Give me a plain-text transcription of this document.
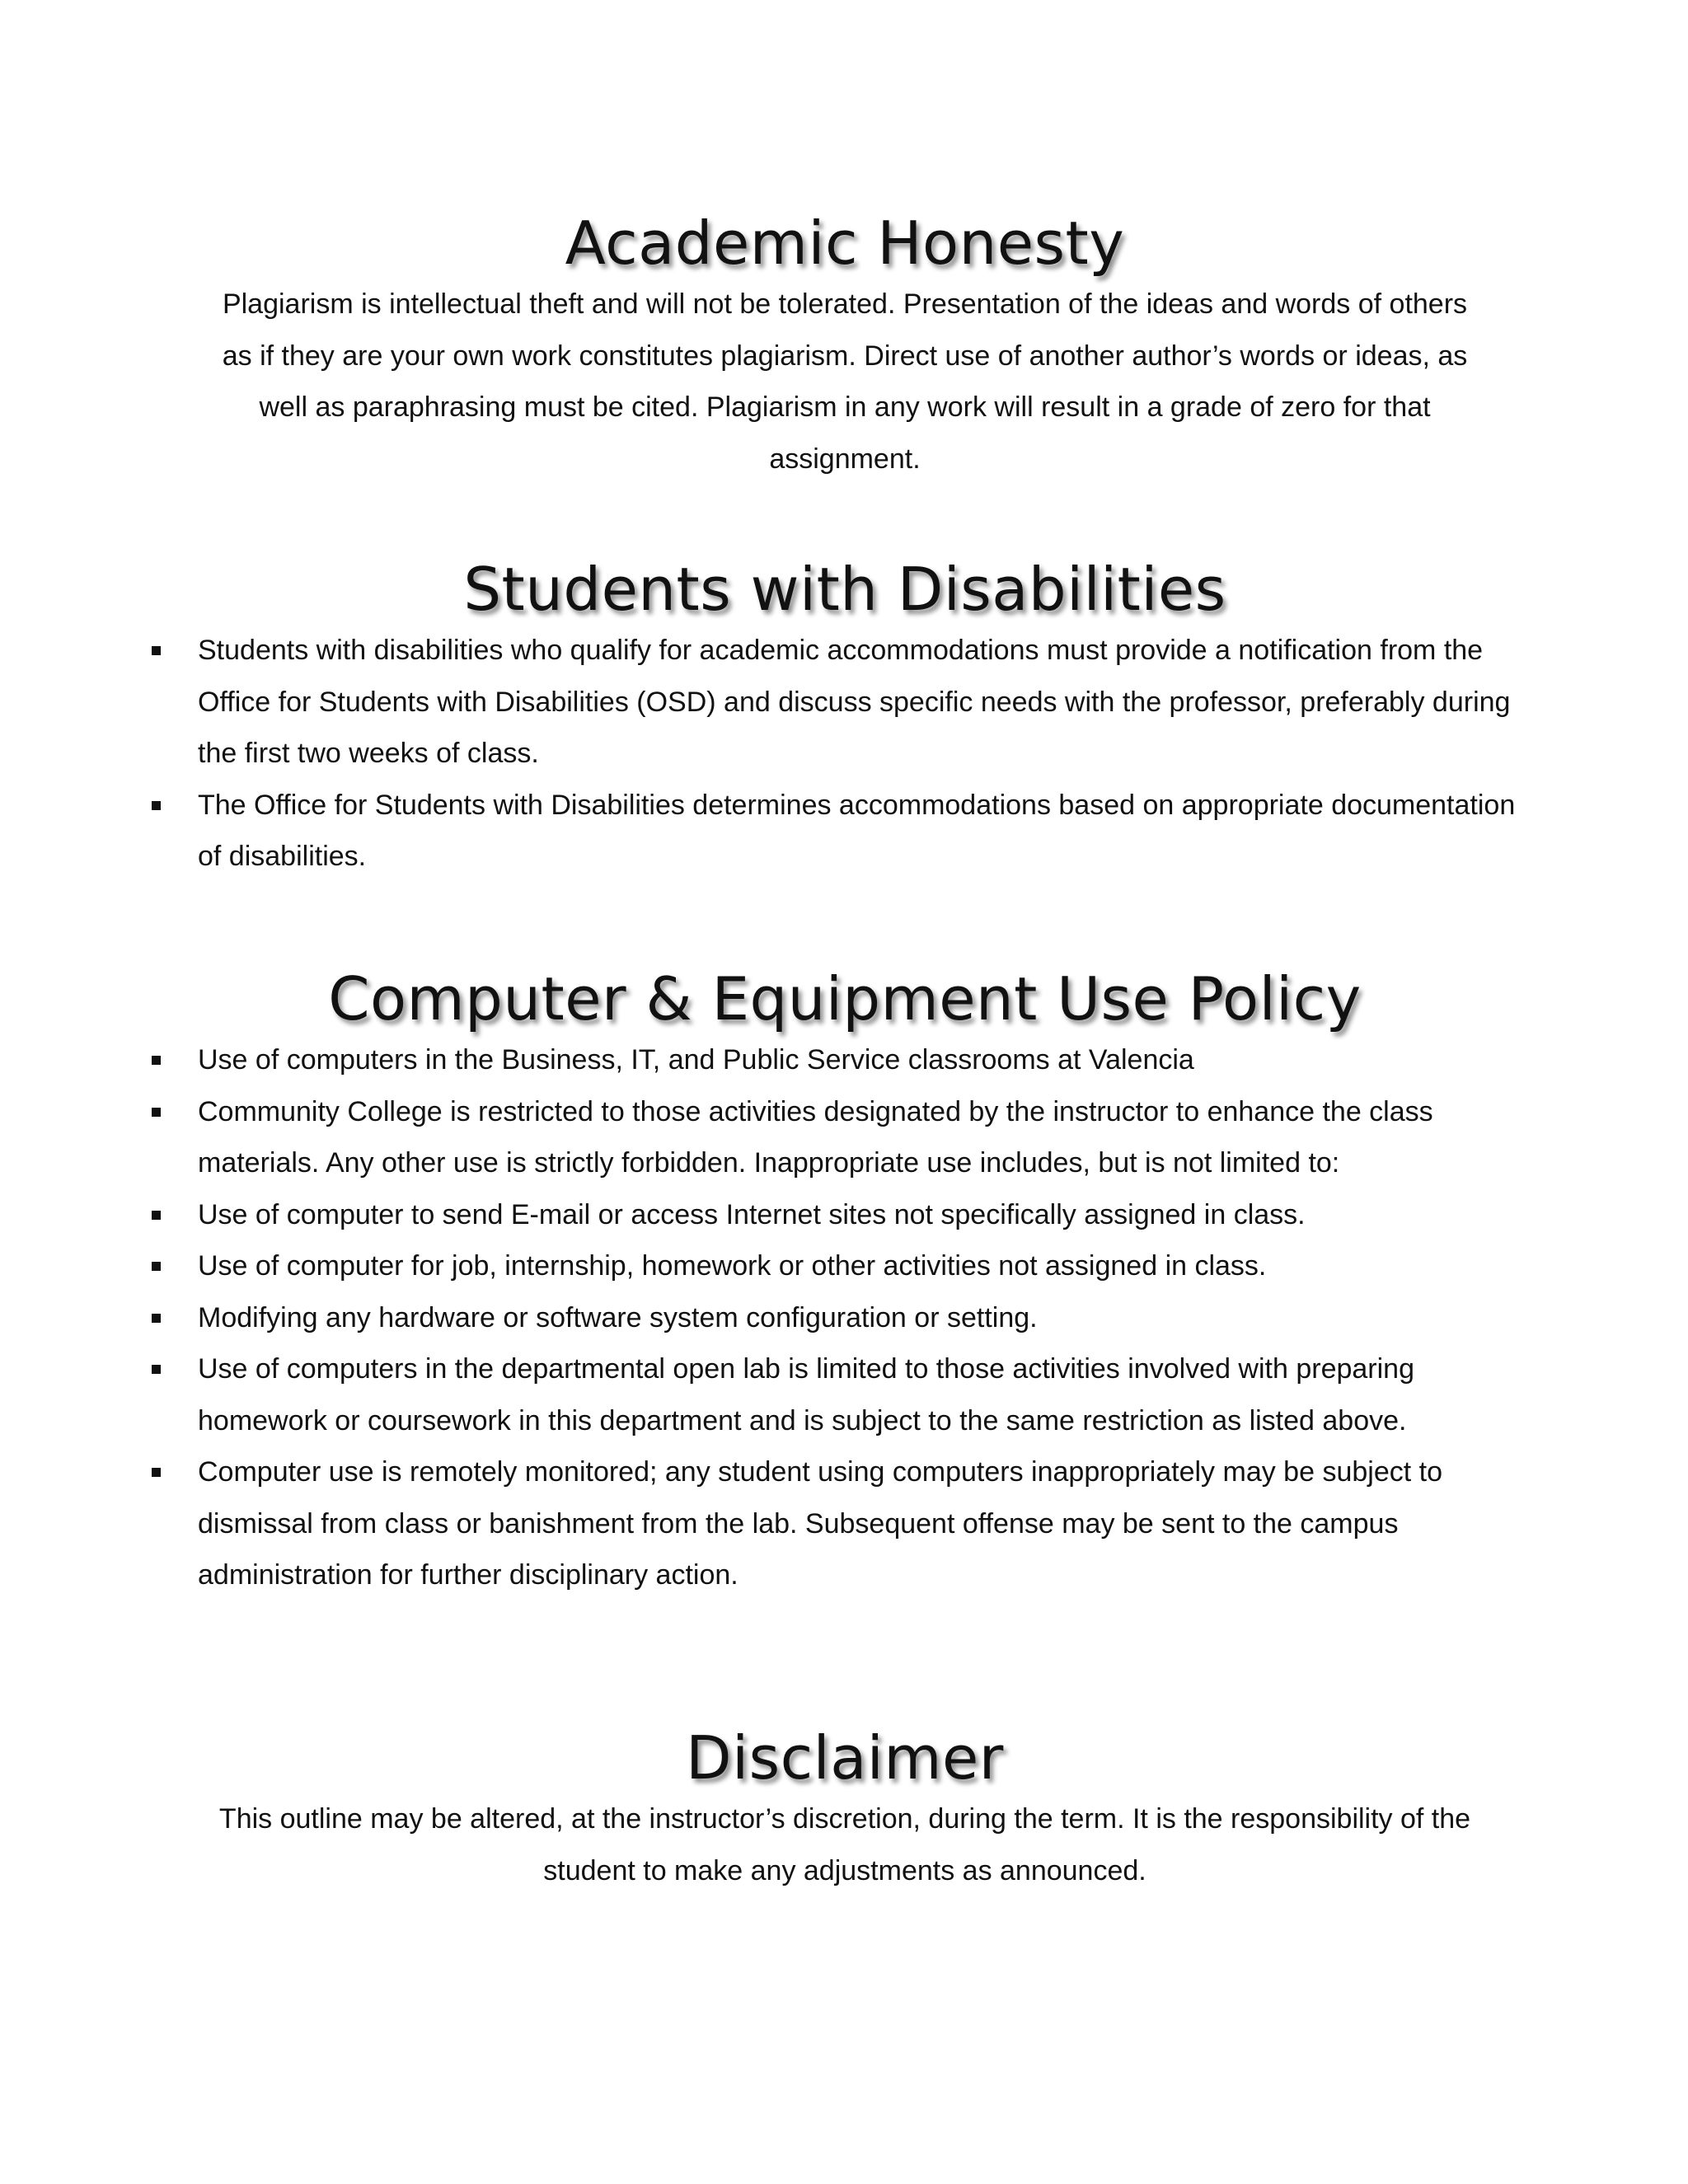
Academic Honesty

Plagiarism is intellectual theft and will not be tolerated. Presentation of the ideas and words of others
as if they are your own work constitutes plagiarism. Direct use of another author’s words or ideas, as
well as paraphrasing must be cited. Plagiarism in any work will result in a grade of zero for that
assignment.

Students with Disabilities
Students with disabilities who qualify for academic accommodations must provide a notification from the Office for Students with Disabilities (OSD) and discuss specific needs with the professor, preferably during the first two weeks of class.
The Office for Students with Disabilities determines accommodations based on appropriate documentation of disabilities.
Computer & Equipment Use Policy
Use of computers in the Business, IT, and Public Service classrooms at Valencia
Community College is restricted to those activities designated by the instructor to enhance the class materials. Any other use is strictly forbidden. Inappropriate use includes, but is not limited to:
Use of computer to send E-mail or access Internet sites not specifically assigned in class.
Use of computer for job, internship, homework or other activities not assigned in class.
Modifying any hardware or software system configuration or setting.
Use of computers in the departmental open lab is limited to those activities involved with preparing homework or coursework in this department and is subject to the same restriction as listed above.
Computer use is remotely monitored; any student using computers inappropriately may be subject to dismissal from class or banishment from the lab. Subsequent offense may be sent to the campus administration for further disciplinary action.
Disclaimer

This outline may be altered, at the instructor’s discretion, during the term. It is the responsibility of the
student to make any adjustments as announced.
